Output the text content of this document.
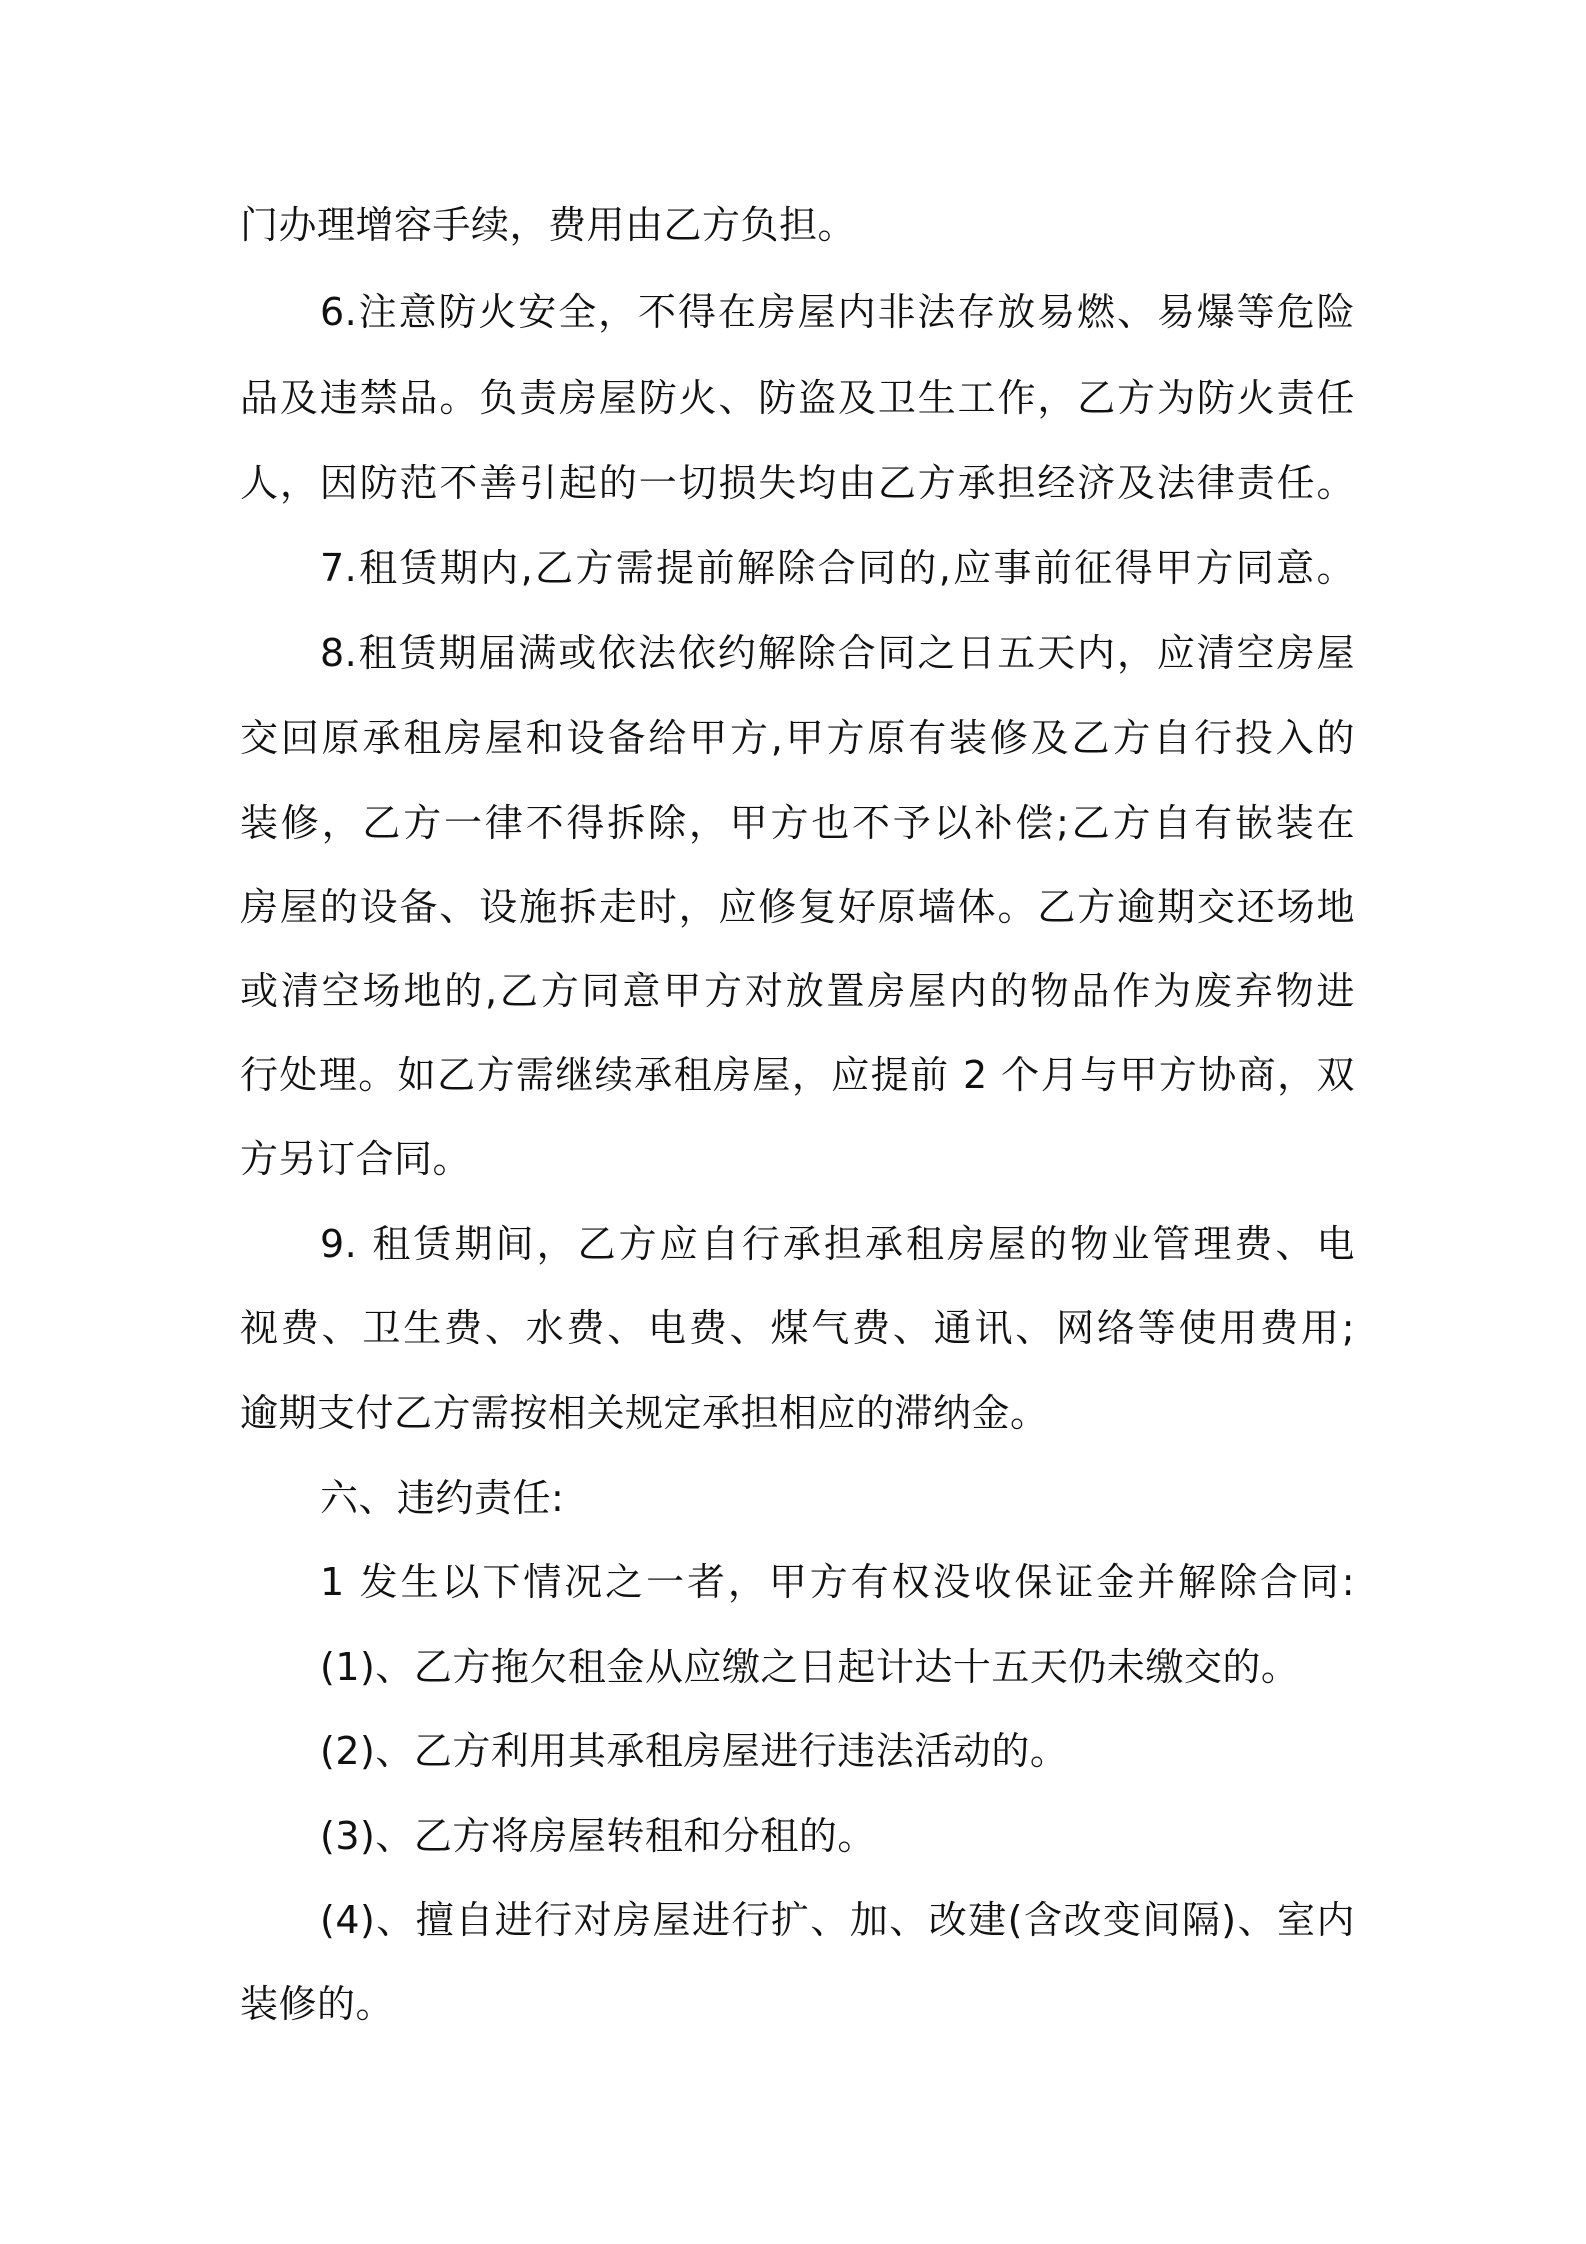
门办理增容手续，费用由乙方负担。
6.注意防火安全，不得在房屋内非法存放易燃、易爆等危险
品及违禁品。负责房屋防火、防盗及卫生工作，乙方为防火责任
人，因防范不善引起的一切损失均由乙方承担经济及法律责任。
7.租赁期内,乙方需提前解除合同的,应事前征得甲方同意。
8.租赁期届满或依法依约解除合同之日五天内，应清空房屋
交回原承租房屋和设备给甲方,甲方原有装修及乙方自行投入的
装修，乙方一律不得拆除，甲方也不予以补偿;乙方自有嵌装在
房屋的设备、设施拆走时，应修复好原墙体。乙方逾期交还场地
或清空场地的,乙方同意甲方对放置房屋内的物品作为废弃物进
行处理。如乙方需继续承租房屋，应提前 2 个月与甲方协商，双
方另订合同。
9. 租赁期间，乙方应自行承担承租房屋的物业管理费、电
视费、卫生费、水费、电费、煤气费、通讯、网络等使用费用;
逾期支付乙方需按相关规定承担相应的滞纳金。
六、违约责任:
1 发生以下情况之一者，甲方有权没收保证金并解除合同:
(1)、乙方拖欠租金从应缴之日起计达十五天仍未缴交的。
(2)、乙方利用其承租房屋进行违法活动的。
(3)、乙方将房屋转租和分租的。
(4)、擅自进行对房屋进行扩、加、改建(含改变间隔)、室内
装修的。
